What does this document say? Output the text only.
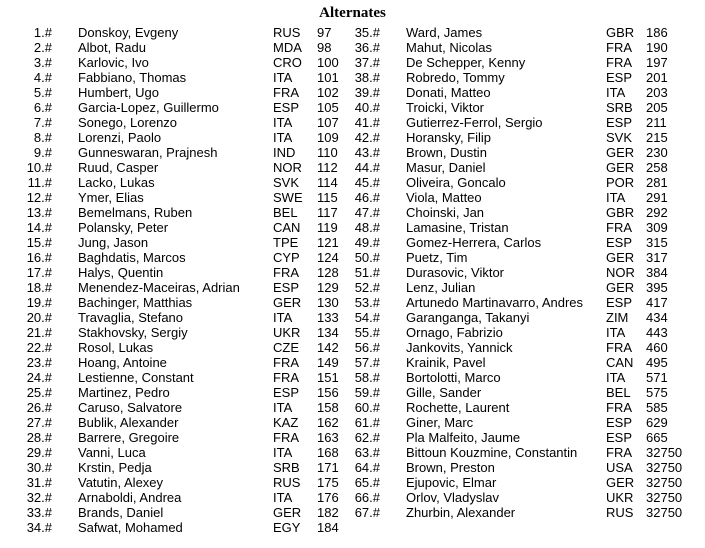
Alternates
1.# Donskoy, Evgeny	RUS 97
2.# Albot, Radu	MDA 98
3.# Karlovic, Ivo	CRO 100
4.# Fabbiano, Thomas	ITA 101
5.# Humbert, Ugo	FRA 102
6.# Garcia-Lopez, Guillermo	ESP 105
7.# Sonego, Lorenzo	ITA 107
8.# Lorenzi, Paolo	ITA 109
9.# Gunneswaran, Prajnesh	IND 110
10.# Ruud, Casper	NOR 112
11.# Lacko, Lukas	SVK 114
12.# Ymer, Elias	SWE 115
13.# Bemelmans, Ruben	BEL 117
14.# Polansky, Peter	CAN 119
15.# Jung, Jason	TPE 121
16.# Baghdatis, Marcos	CYP 124
17.# Halys, Quentin	FRA 128
18.# Menendez-Maceiras, Adrian	ESP 129
19.# Bachinger, Matthias	GER 130
20.# Travaglia, Stefano	ITA 133
21.# Stakhovsky, Sergiy	UKR 134
22.# Rosol, Lukas	CZE 142
23.# Hoang, Antoine	FRA 149
24.# Lestienne, Constant	FRA 151
25.# Martinez, Pedro	ESP 156
26.# Caruso, Salvatore	ITA 158
27.# Bublik, Alexander	KAZ 162
28.# Barrere, Gregoire	FRA 163
29.# Vanni, Luca	ITA 168
30.# Krstin, Pedja	SRB 171
31.# Vatutin, Alexey	RUS 175
32.# Arnaboldi, Andrea	ITA 176
33.# Brands, Daniel	GER 182
34.# Safwat, Mohamed	EGY 184
35.# Ward, James	GBR 186
36.# Mahut, Nicolas	FRA 190
37.# De Schepper, Kenny	FRA 197
38.# Robredo, Tommy	ESP 201
39.# Donati, Matteo	ITA 203
40.# Troicki, Viktor	SRB 205
41.# Gutierrez-Ferrol, Sergio	ESP 211
42.# Horansky, Filip	SVK 215
43.# Brown, Dustin	GER 230
44.# Masur, Daniel	GER 258
45.# Oliveira, Goncalo	POR 281
46.# Viola, Matteo	ITA 291
47.# Choinski, Jan	GBR 292
48.# Lamasine, Tristan	FRA 309
49.# Gomez-Herrera, Carlos	ESP 315
50.# Puetz, Tim	GER 317
51.# Durasovic, Viktor	NOR 384
52.# Lenz, Julian	GER 395
53.# Artunedo Martinavarro, Andres ESP 417
54.# Garanganga, Takanyi	ZIM 434
55.# Ornago, Fabrizio	ITA 443
56.# Jankovits, Yannick	FRA 460
57.# Krainik, Pavel	CAN 495
58.# Bortolotti, Marco	ITA 571
59.# Gille, Sander	BEL 575
60.# Rochette, Laurent	FRA 585
61.# Giner, Marc	ESP 629
62.# Pla Malfeito, Jaume	ESP 665
63.# Bittoun Kouzmine, Constantin FRA 32750
64.# Brown, Preston	USA 32750
65.# Ejupovic, Elmar	GER 32750
66.# Orlov, Vladyslav	UKR 32750
67.# Zhurbin, Alexander	RUS 32750
